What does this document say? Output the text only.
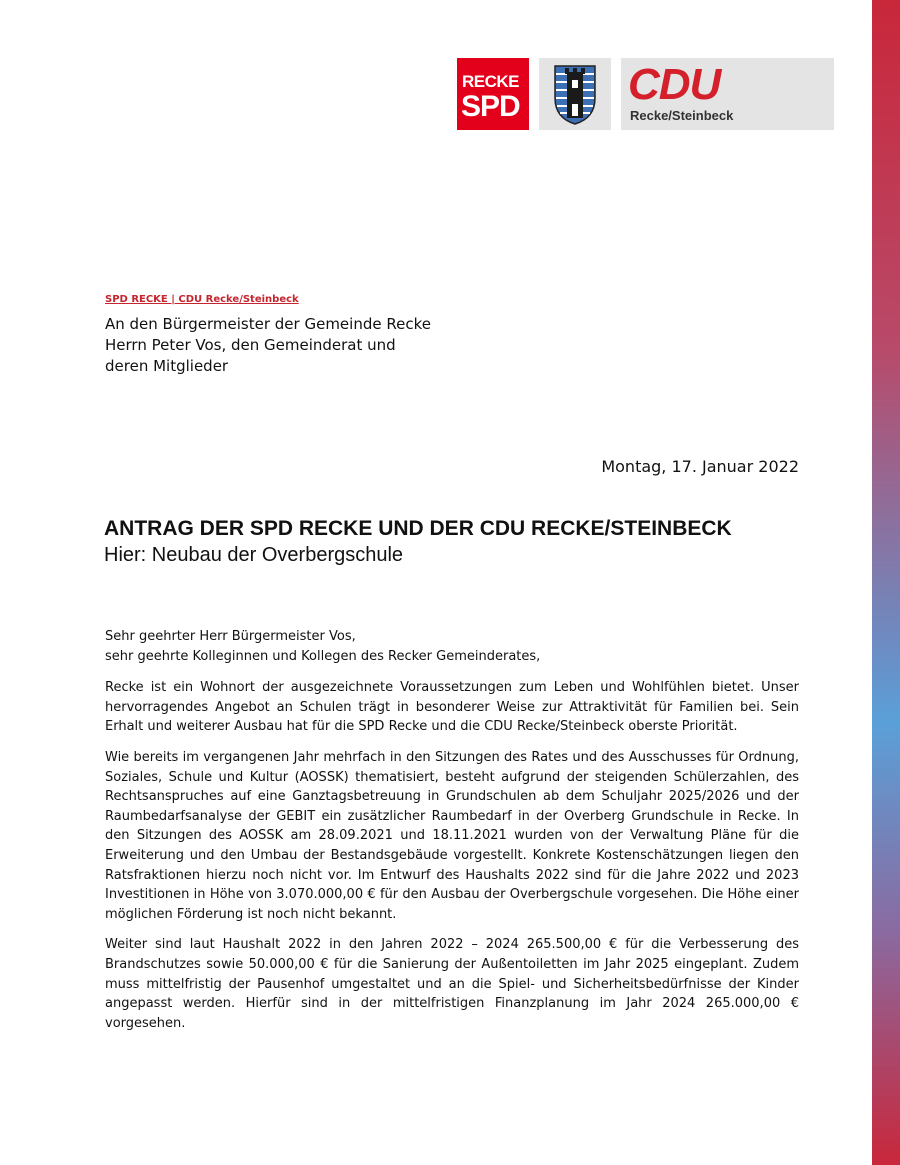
RECKE
SPD CDU
Recke/Steinbeck
SPD RECKE | CDU Recke/Steinbeck
An den Bürgermeister der Gemeinde Recke
Herrn Peter Vos, den Gemeinderat und
deren Mitglieder
Montag, 17. Januar 2022
ANTRAG DER SPD RECKE UND DER CDU RECKE/STEINBECK
Hier: Neubau der Overbergschule
Sehr geehrter Herr Bürgermeister Vos,
sehr geehrte Kolleginnen und Kollegen des Recker Gemeinderates,

Recke ist ein Wohnort der ausgezeichnete Voraussetzungen zum Leben und Wohlfühlen bietet. Unser hervorragendes Angebot an Schulen trägt in besonderer Weise zur Attraktivität für Familien bei. Sein Erhalt und weiterer Ausbau hat für die SPD Recke und die CDU Recke/Steinbeck oberste Priorität.

Wie bereits im vergangenen Jahr mehrfach in den Sitzungen des Rates und des Ausschusses für Ordnung, Soziales, Schule und Kultur (AOSSK) thematisiert, besteht aufgrund der steigenden Schülerzahlen, des Rechtsanspruches auf eine Ganztagsbetreuung in Grundschulen ab dem Schuljahr 2025/2026 und der Raumbedarfsanalyse der GEBIT ein zusätzlicher Raumbedarf in der Overberg Grundschule in Recke. In den Sitzungen des AOSSK am 28.09.2021 und 18.11.2021 wurden von der Verwaltung Pläne für die Erweiterung und den Umbau der Bestandsgebäude vorgestellt. Konkrete Kostenschätzungen liegen den Ratsfraktionen hierzu noch nicht vor. Im Entwurf des Haushalts 2022 sind für die Jahre 2022 und 2023 Investitionen in Höhe von 3.070.000,00 € für den Ausbau der Overbergschule vorgesehen. Die Höhe einer möglichen Förderung ist noch nicht bekannt.

Weiter sind laut Haushalt 2022 in den Jahren 2022 – 2024 265.500,00 € für die Verbesserung des Brandschutzes sowie 50.000,00 € für die Sanierung der Außentoiletten im Jahr 2025 eingeplant. Zudem muss mittelfristig der Pausenhof umgestaltet und an die Spiel- und Sicherheitsbedürfnisse der Kinder angepasst werden. Hierfür sind in der mittelfristigen Finanzplanung im Jahr 2024 265.000,00 € vorgesehen.
